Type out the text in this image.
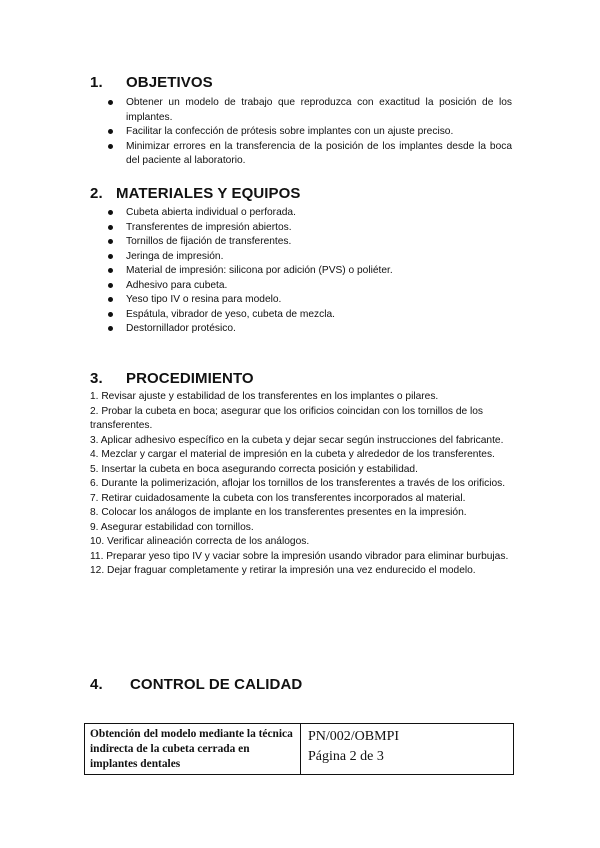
1. OBJETIVOS
Obtener un modelo de trabajo que reproduzca con exactitud la posición de los implantes.
Facilitar la confección de prótesis sobre implantes con un ajuste preciso.
Minimizar errores en la transferencia de la posición de los implantes desde la boca del paciente al laboratorio.
2. MATERIALES Y EQUIPOS
Cubeta abierta individual o perforada.
Transferentes de impresión abiertos.
Tornillos de fijación de transferentes.
Jeringa de impresión.
Material de impresión: silicona por adición (PVS) o poliéter.
Adhesivo para cubeta.
Yeso tipo IV o resina para modelo.
Espátula, vibrador de yeso, cubeta de mezcla.
Destornillador protésico.
3. PROCEDIMIENTO
1. Revisar ajuste y estabilidad de los transferentes en los implantes o pilares.
2. Probar la cubeta en boca; asegurar que los orificios coincidan con los tornillos de los transferentes.
3. Aplicar adhesivo específico en la cubeta y dejar secar según instrucciones del fabricante.
4. Mezclar y cargar el material de impresión en la cubeta y alrededor de los transferentes.
5. Insertar la cubeta en boca asegurando correcta posición y estabilidad.
6. Durante la polimerización, aflojar los tornillos de los transferentes a través de los orificios.
7. Retirar cuidadosamente la cubeta con los transferentes incorporados al material.
8. Colocar los análogos de implante en los transferentes presentes en la impresión.
9. Asegurar estabilidad con tornillos.
10. Verificar alineación correcta de los análogos.
11. Preparar yeso tipo IV y vaciar sobre la impresión usando vibrador para eliminar burbujas.
12. Dejar fraguar completamente y retirar la impresión una vez endurecido el modelo.
4. CONTROL DE CALIDAD
Obtención del modelo mediante la técnica indirecta de la cubeta cerrada en implantes dentales
PN/002/OBMPI
Página 2 de 3
